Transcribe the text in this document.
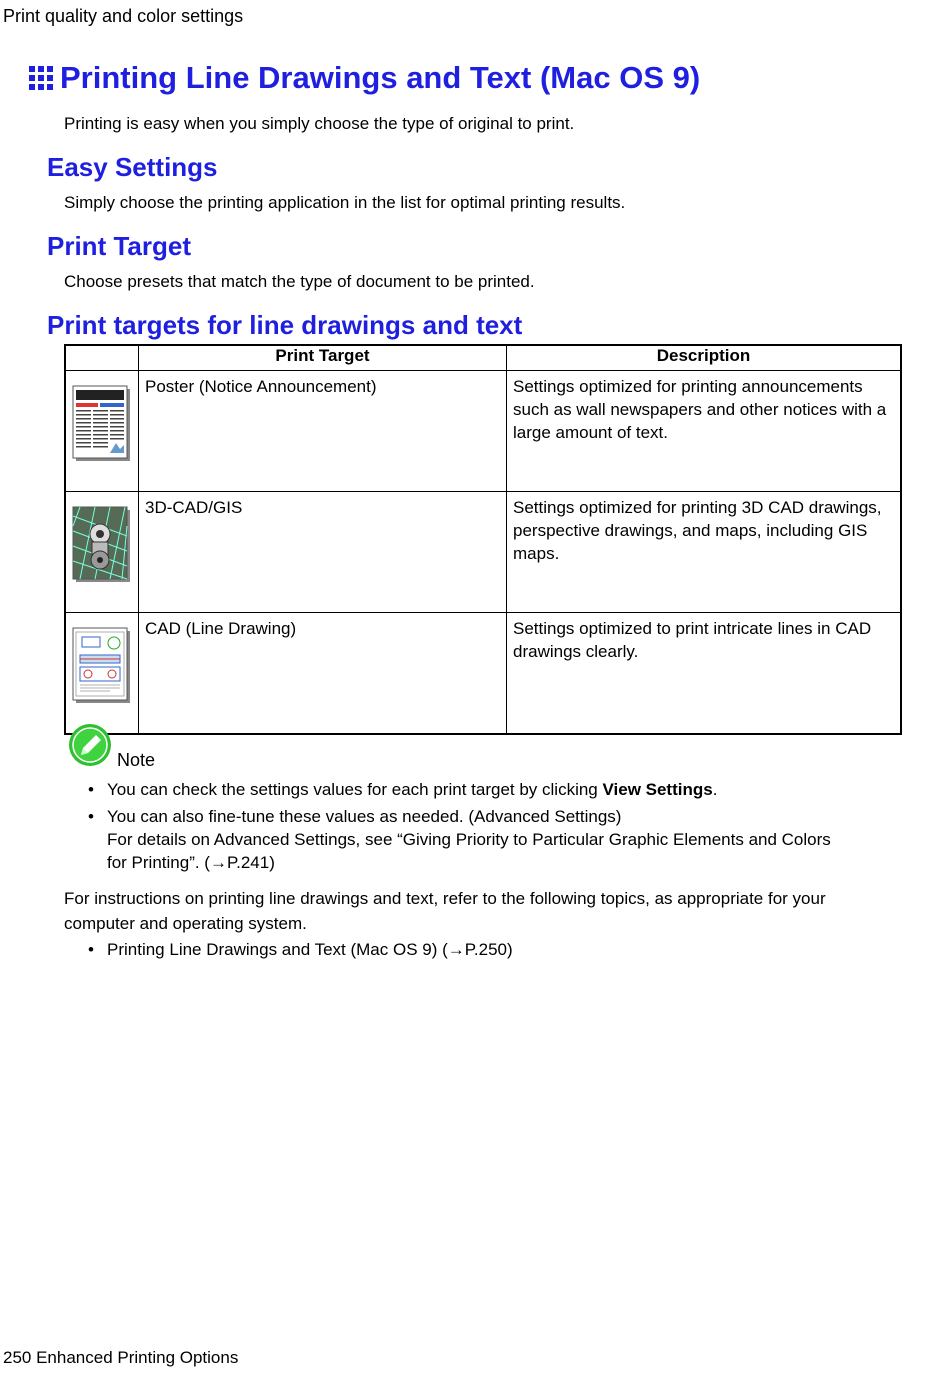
Print quality and color settings
Printing Line Drawings and Text (Mac OS 9)
Printing is easy when you simply choose the type of original to print.
Easy Settings
Simply choose the printing application in the list for optimal printing results.
Print Target
Choose presets that match the type of document to be printed.
Print targets for line drawings and text
	Print Target	Description
	Poster (Notice Announcement)	Settings optimized for printing announcements such as wall newspapers and other notices with a large amount of text.
	3D-CAD/GIS	Settings optimized for printing 3D CAD drawings, perspective drawings, and maps, including GIS maps.
	CAD (Line Drawing)	Settings optimized to print intricate lines in CAD drawings clearly.
Note
• You can check the settings values for each print target by clicking View Settings.
• You can also fine-tune these values as needed. (Advanced Settings)
For details on Advanced Settings, see “Giving Priority to Particular Graphic Elements and Colors
for Printing”. (→P.241)
For instructions on printing line drawings and text, refer to the following topics, as appropriate for your computer and operating system.
• Printing Line Drawings and Text (Mac OS 9) (→P.250)
250 Enhanced Printing Options
